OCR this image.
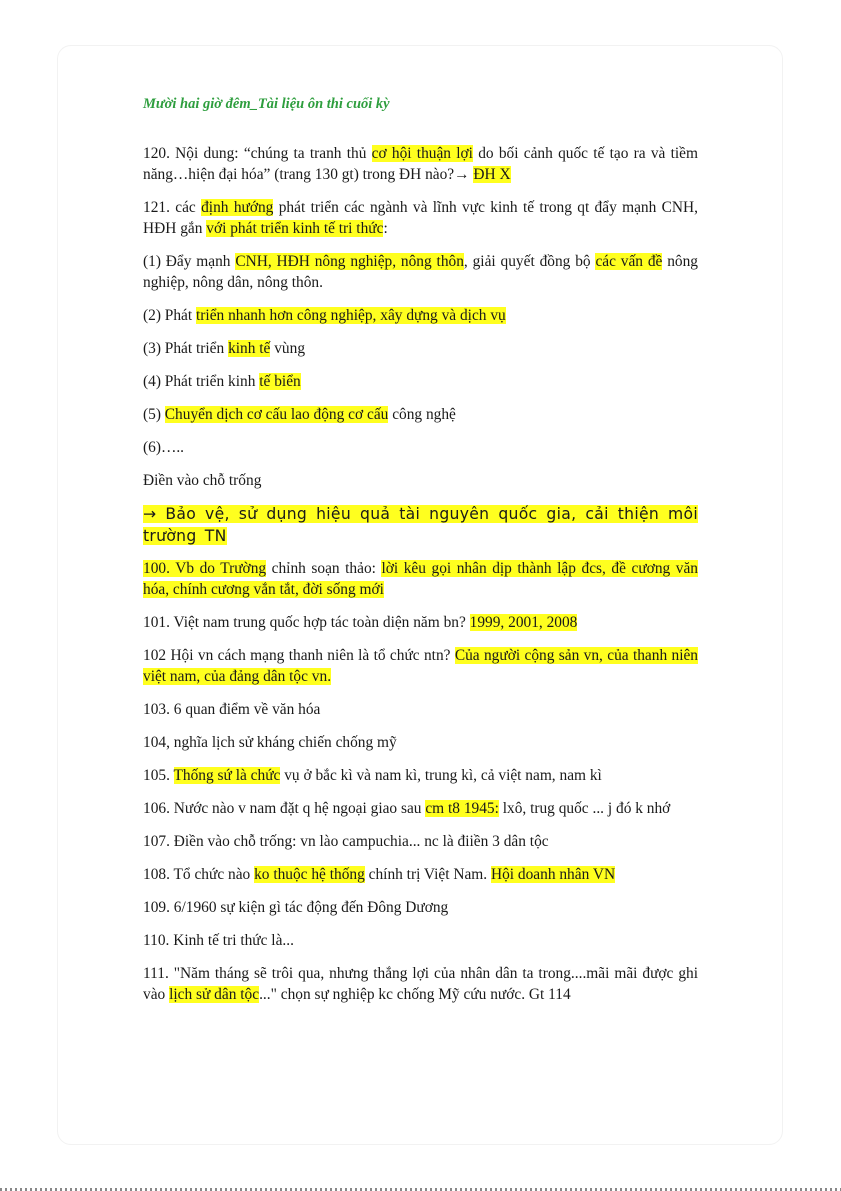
Mười hai giờ đêm_Tài liệu ôn thi cuối kỳ

120. Nội dung: “chúng ta tranh thủ cơ hội thuận lợi do bối cảnh quốc tế tạo ra và tiềm năng…hiện đại hóa” (trang 130 gt) trong ĐH nào?→ ĐH X

121. các định hướng phát triển các ngành và lĩnh vực kinh tế trong qt đẩy mạnh CNH, HĐH gắn với phát triển kinh tế tri thức:

(1) Đẩy mạnh CNH, HĐH nông nghiệp, nông thôn, giải quyết đồng bộ các vấn đề nông nghiệp, nông dân, nông thôn.

(2) Phát triển nhanh hơn công nghiệp, xây dựng và dịch vụ

(3) Phát triển kinh tế vùng

(4) Phát triển kinh tế biển

(5) Chuyển dịch cơ cấu lao động cơ cấu công nghệ

(6)…..

Điền vào chỗ trống

→ Bảo vệ, sử dụng hiệu quả tài nguyên quốc gia, cải thiện môi trường TN

100. Vb do Trường chỉnh soạn thảo: lời kêu gọi nhân dịp thành lập đcs, đề cương văn hóa, chính cương vắn tắt, đời sống mới

101. Việt nam trung quốc hợp tác toàn diện năm bn? 1999, 2001, 2008

102 Hội vn cách mạng thanh niên là tổ chức ntn? Của người cộng sản vn, của thanh niên việt nam, của đảng dân tộc vn.

103. 6 quan điểm về văn hóa

104, nghĩa lịch sử kháng chiến chống mỹ

105. Thống sứ là chức vụ ở bắc kì và nam kì, trung kì, cả việt nam, nam kì

106. Nước nào v nam đặt q hệ ngoại giao sau cm t8 1945: lxô, trug quốc ... j đó k nhớ

107. Điền vào chỗ trống: vn lào campuchia... nc là điiền 3 dân tộc

108. Tổ chức nào ko thuộc hệ thống chính trị Việt Nam. Hội doanh nhân VN

109. 6/1960 sự kiện gì tác động đến Đông Dương

110. Kinh tế tri thức là...

111. "Năm tháng sẽ trôi qua, nhưng thắng lợi của nhân dân ta trong....mãi mãi được ghi vào lịch sử dân tộc..." chọn sự nghiệp kc chống Mỹ cứu nước. Gt 114
